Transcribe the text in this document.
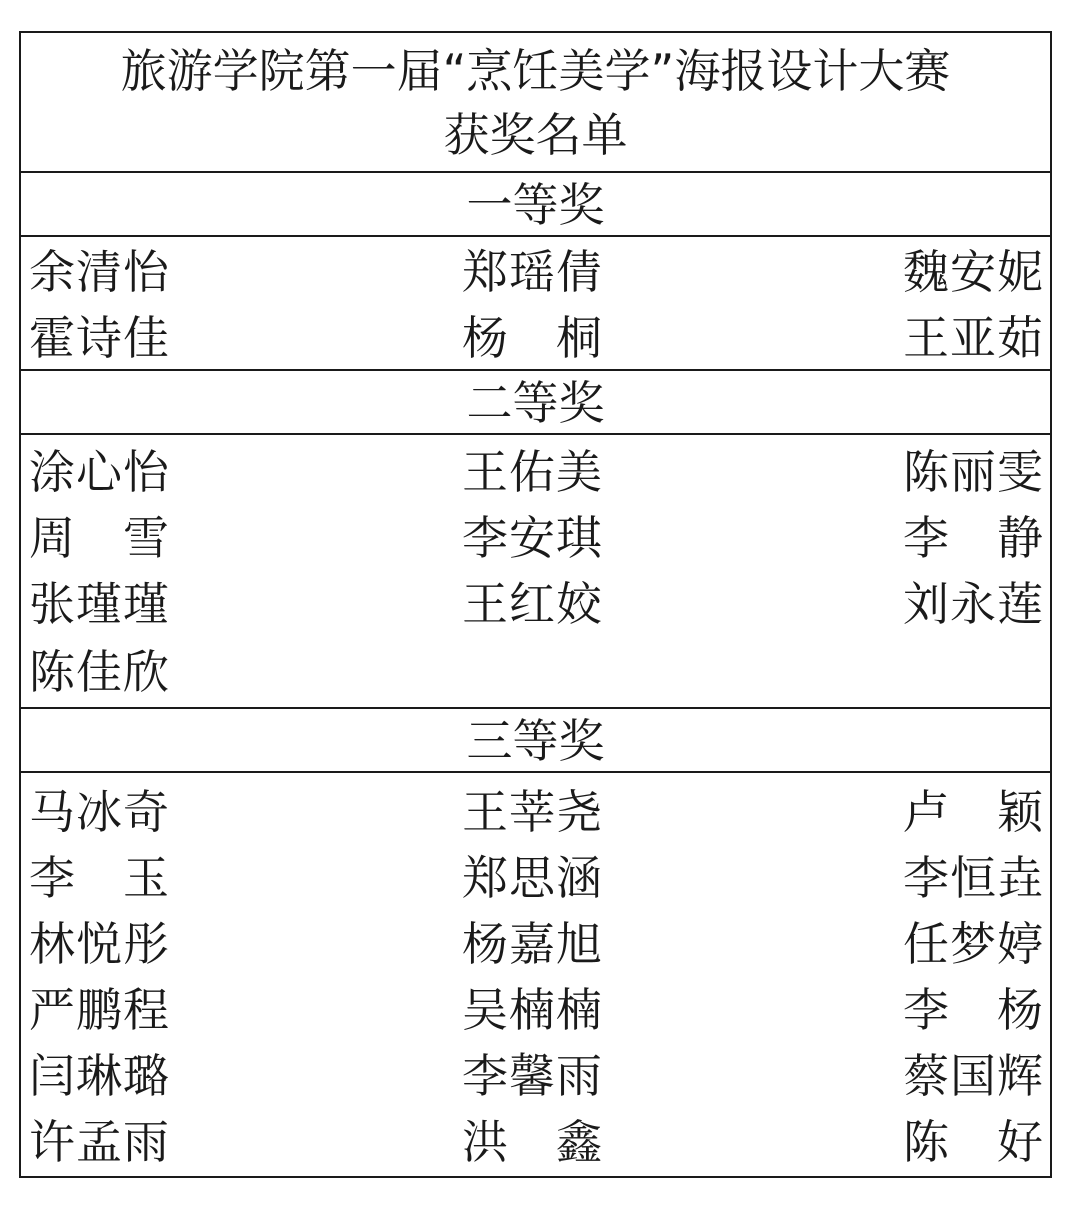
旅游学院第一届“烹饪美学”海报设计大赛
获奖名单
一等奖
余清怡	郑瑶倩	魏安妮
霍诗佳	杨　桐	王亚茹
二等奖
涂心怡	王佑美	陈丽雯
周　雪	李安琪	李　静
张瑾瑾	王红姣	刘永莲
陈佳欣
三等奖
马冰奇	王莘尧	卢　颖
李　玉	郑思涵	李恒垚
林悦彤	杨嘉旭	任梦婷
严鹏程	吴楠楠	李　杨
闫琳璐	李馨雨	蔡国辉
许孟雨	洪　鑫	陈　好
